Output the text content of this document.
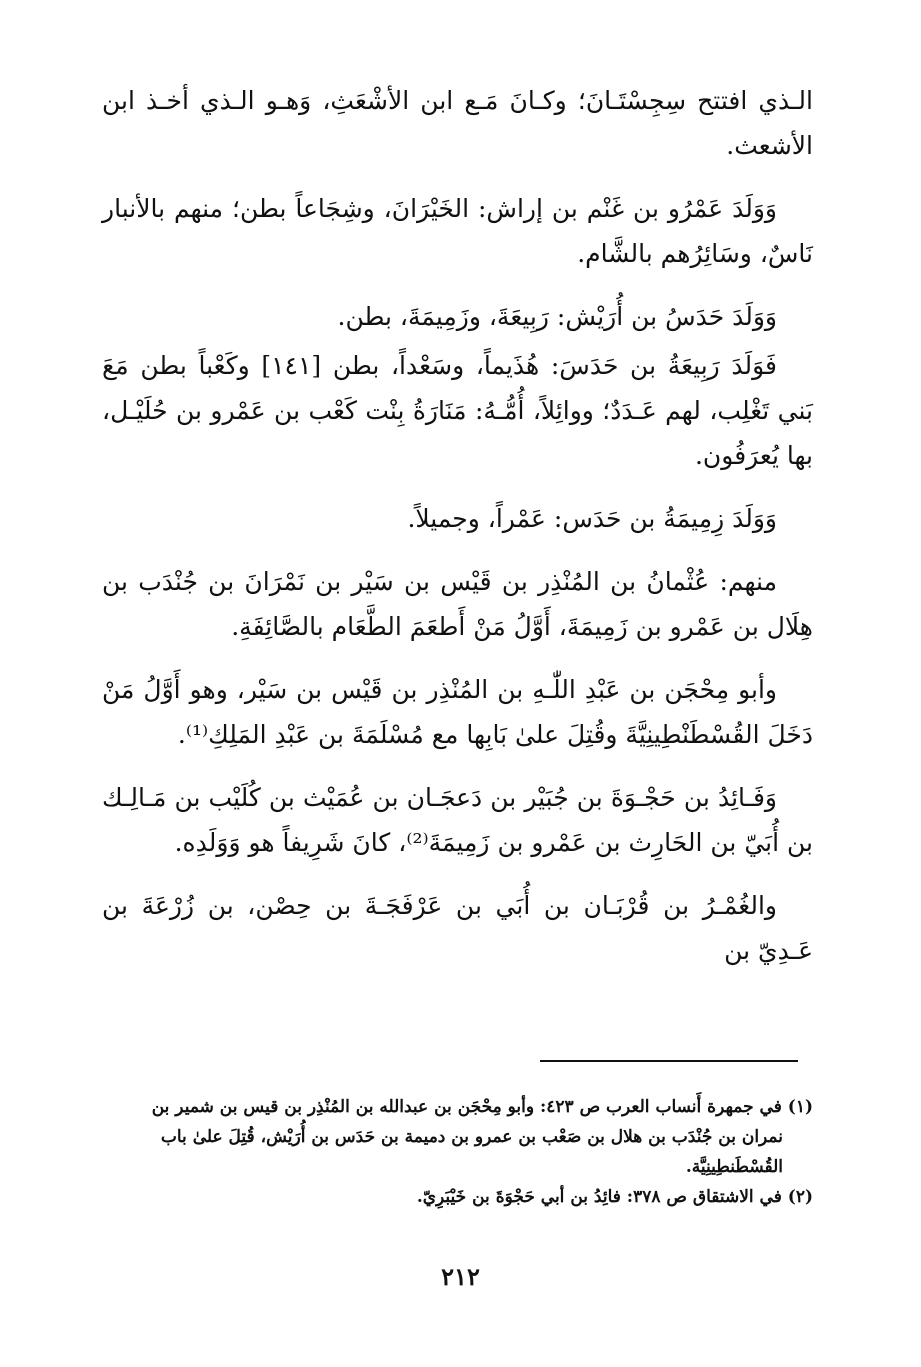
الـذي افتتح سِجِسْتَـانَ؛ وكـانَ مَـع ابن الأشْعَثِ، وَهـو الـذي أخـذ ابن الأشعث.

وَوَلَدَ عَمْرُو بن غَنْم بن إراش: الخَيْرَانَ، وشِجَاعاً بطن؛ منهم بالأنبار نَاسٌ، وسَائِرُهم بالشَّام.

وَوَلَدَ حَدَسُ بن أُرَيْش: رَبِيعَةَ، وزَمِيمَةَ، بطن.

فَوَلَدَ رَبِيعَةُ بن حَدَسَ: هُذَيماً، وسَعْداً، بطن [١٤١] وكَعْباً بطن مَعَ بَني تَغْلِب، لهم عَـدَدٌ؛ ووائِلاً، أُمُّـهُ: مَنَارَةُ بِنْت كَعْب بن عَمْرو بن حُلَيْـل، بها يُعرَفُون.

وَوَلَدَ زِمِيمَةُ بن حَدَس: عَمْراً، وجميلاً.

منهم: عُثْمانُ بن المُنْذِر بن قَيْس بن سَيْر بن نَمْرَانَ بن جُنْدَب بن هِلَال بن عَمْرو بن زَمِيمَةَ، أَوَّلُ مَنْ أَطعَمَ الطَّعَام بالصَّائِفَةِ.

وأبو مِحْجَن بن عَبْدِ اللّٰـهِ بن المُنْذِر بن قَيْس بن سَيْر، وهو أَوَّلُ مَنْ دَخَلَ القُسْطَنْطِينِيَّةَ وقُتِلَ علىٰ بَابِها مع مُسْلَمَةَ بن عَبْدِ المَلِكِ⁽¹⁾.

وَفَـائِدُ بن حَجْـوَةَ بن جُبَيْر بن دَعجَـان بن عُمَيْث بن كُلَيْب بن مَـالِـك بن أُبَيّ بن الحَارِث بن عَمْرو بن زَمِيمَةَ⁽²⁾، كانَ شَرِيفاً هو وَوَلَدِه.

والغُمْـرُ بن قُرْبَـان بن أُبَي بن عَرْفَجَـةَ بن حِصْن، بن زُرْعَةَ بن عَـدِيّ بن

(١) في جمهرة أَنساب العرب ص ٤٢٣: وأبو مِحْجَن بن عبدالله بن المُنْذِر بن قيس بن شمير بن

نمران بن جُنْدَب بن هلال بن صَعْب بن عمرو بن دميمة بن حَدَس بن أُرَيْش، قُتِلَ علىٰ باب

القُسْطَنطِينِيَّة.

(٢) في الاشتقاق ص ٣٧٨: فائِدُ بن أبي حَجْوَةَ بن خَيْبَرِيّ.

٢١٢
